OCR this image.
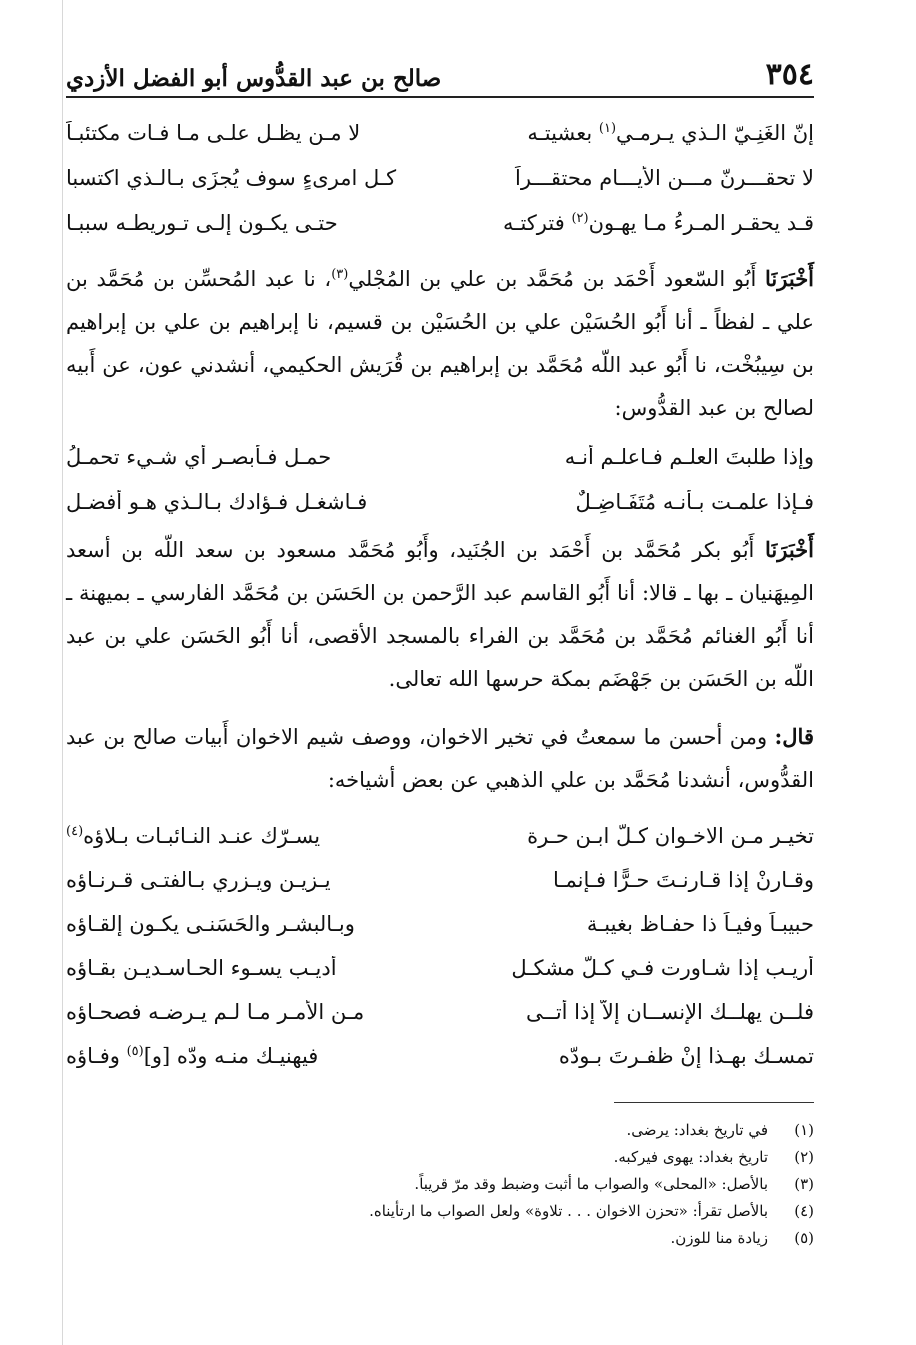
٣٥٤
صالح بن عبد القدُّوس أبو الفضل الأزدي
إنّ الغَنِـيّ الـذي يـرمـي$^{(١)}$ بعشيتـه
لا مـن يظـل علـى مـا فـات مكتئبـاً
لا تحقـــرنّ مـــن الأيـــام محتقـــراً
كـل امرىءٍ سوف يُجزَى بـالـذي اكتسبا
قـد يحقـر المـرءُ مـا يهـون$^{(٢)}$ فتركتـه
حتـى يكـون إلـى تـوريطـه سببـا

أَخْبَرَنَا أَبُو السّعود أَحْمَد بن مُحَمَّد بن علي بن المُجْلي$^{(٣)}$، نا عبد المُحسِّن بن مُحَمَّد بن علي ـ لفظاً ـ أنا أَبُو الحُسَيْن علي بن الحُسَيْن بن قسيم، نا إبراهيم بن علي بن إبراهيم بن سِيبُخْت، نا أَبُو عبد اللّه مُحَمَّد بن إبراهيم بن قُرَيش الحكيمي، أنشدني عون، عن أَبيه لصالح بن عبد القدُّوس:

وإذا طلبتَ العلـم فـاعلـم أنـه
حمـل فـأبصـر أي شـيء تحمـلُ
فـإذا علمـت بـأنـه مُتَفَـاضِـلٌ
فـاشغـل فـؤادك بـالـذي هـو أفضـل

أَخْبَرَنَا أَبُو بكر مُحَمَّد بن أَحْمَد بن الجُنَيد، وأَبُو مُحَمَّد مسعود بن سعد اللّه بن أسعد المِيهَنيان ـ بها ـ قالا: أنا أَبُو القاسم عبد الرَّحمن بن الحَسَن بن مُحَمَّد الفارسي ـ بميهنة ـ أنا أَبُو الغنائم مُحَمَّد بن مُحَمَّد بن الفراء بالمسجد الأقصى، أنا أَبُو الحَسَن علي بن عبد اللّه بن الحَسَن بن جَهْضَم بمكة حرسها الله تعالى.

قال: ومن أحسن ما سمعتُ في تخير الاخوان، ووصف شيم الاخوان أَبيات صالح بن عبد القدُّوس، أنشدنا مُحَمَّد بن علي الذهبي عن بعض أشياخه:

تخيـر مـن الاخـوان كـلّ ابـن حـرة
يسـرّك عنـد النـائبـات بـلاؤه$^{(٤)}$
وقـارنْ إذا قـارنـتَ حـرًّا فـإنمـا
يـزيـن ويـزري بـالفتـى قـرنـاؤه
حبيبـاً وفيـاً ذا حفـاظ بغيبـة
وبـالبشـر والحَسَنـى يكـون إلقـاؤه
أريـب إذا شـاورت فـي كـلّ مشكـل
أديـب يسـوء الحـاسـديـن بقـاؤه
فلــن يهلــك الإنســان إلاّ إذا أتــى
مـن الأمـر مـا لـم يـرضـه فصحـاؤه
تمسـك بهـذا إنْ ظفـرتَ بـودّه
فيهنيـك منـه ودّه [و]$^{(٥)}$ وفـاؤه
(١)
في تاريخ بغداد: يرضى.
(٢)
تاريخ بغداد: يهوى فيركبه.
(٣)
بالأصل: «المحلى» والصواب ما أثبت وضبط وقد مرّ قريباً.
(٤)
بالأصل تقرأ: «تحزن الاخوان . . . تلاوة» ولعل الصواب ما ارتأيناه.
(٥)
زيادة منا للوزن.
